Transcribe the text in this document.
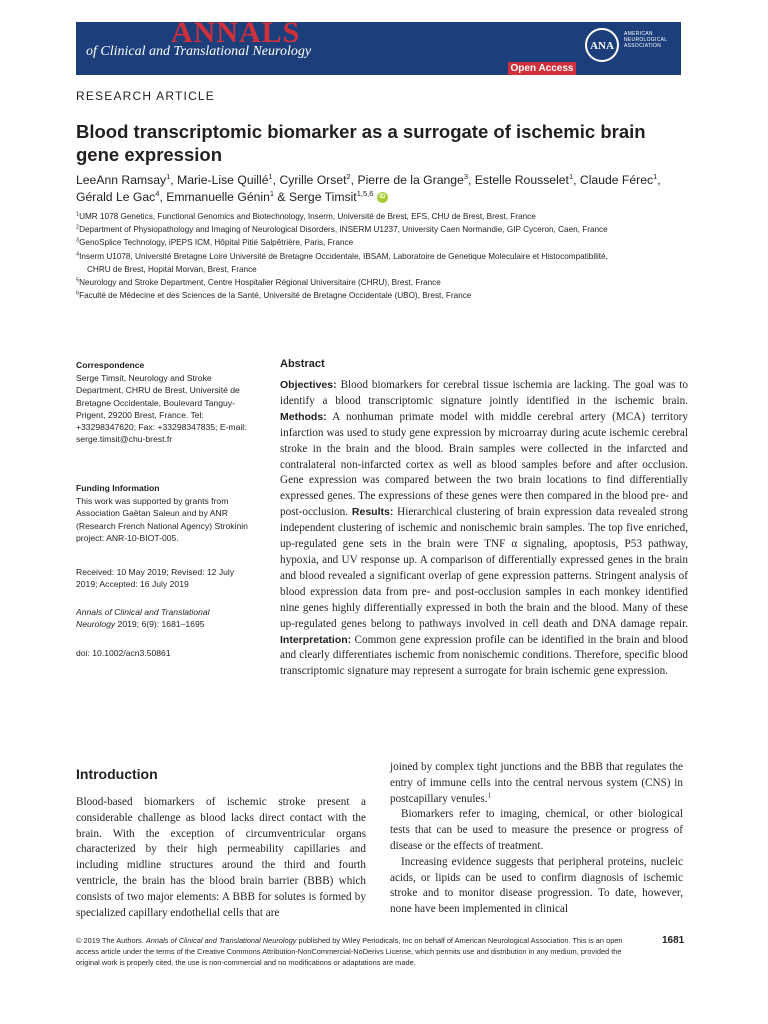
ANNALS
of Clinical and Translational Neurology	ANA
AMERICAN
NEUROLOGICAL
ASSOCIATION
Open Access
RESEARCH ARTICLE
Blood transcriptomic biomarker as a surrogate of ischemic brain gene expression
LeeAnn Ramsay$^1$, Marie-Lise Quillé$^1$, Cyrille Orset$^2$, Pierre de la Grange$^3$, Estelle Rousselet$^1$, Claude Férec$^1$, Gérald Le Gac$^4$, Emmanuelle Génin$^1$ & Serge Timsit$^{1,5,6}$ iD
$^1$UMR 1078 Genetics, Functional Genomics and Biotechnology, Inserm, Université de Brest, EFS, CHU de Brest, Brest, France
$^2$Department of Physiopathology and Imaging of Neurological Disorders, INSERM U1237, University Caen Normandie, GIP Cyceron, Caen, France
$^3$GenoSplice Technology, iPEPS ICM, Hôpital Pitié Salpêtrière, Paris, France
$^4$Inserm U1078, Université Bretagne Loire Université de Bretagne Occidentale, IBSAM, Laboratoire de Genetique Moleculaire et Histocompatibilité,
CHRU de Brest, Hopital Morvan, Brest, France
$^5$Neurology and Stroke Department, Centre Hospitalier Régional Universitaire (CHRU), Brest, France
$^6$Faculté de Médecine et des Sciences de la Santé, Université de Bretagne Occidentale (UBO), Brest, France
Correspondence
Serge Timsit, Neurology and Stroke
Department, CHRU de Brest, Université de
Bretagne Occidentale, Boulevard Tanguy-
Prigent, 29200 Brest, France. Tel:
+33298347620; Fax: +33298347835; E-mail:
serge.timsit@chu-brest.fr
Funding Information
This work was supported by grants from
Association Gaëtan Saleun and by ANR
(Research French National Agency) Strokinin
project: ANR-10-BIOT-005.
Received: 10 May 2019; Revised: 12 July
2019; Accepted: 16 July 2019
Annals of Clinical and Translational
Neurology 2019; 6(9): 1681–1695
doi: 10.1002/acn3.50861
Abstract
Objectives: Blood biomarkers for cerebral tissue ischemia are lacking. The goal was to identify a blood transcriptomic signature jointly identified in the ischemic brain. Methods: A nonhuman primate model with middle cerebral artery (MCA) territory infarction was used to study gene expression by microarray during acute ischemic cerebral stroke in the brain and the blood. Brain samples were collected in the infarcted and contralateral non-infarcted cortex as well as blood samples before and after occlusion. Gene expression was compared between the two brain locations to find differentially expressed genes. The expressions of these genes were then compared in the blood pre- and post-occlusion. Results: Hierarchical clustering of brain expression data revealed strong independent clustering of ischemic and nonischemic brain samples. The top five enriched, up-regulated gene sets in the brain were TNF α signaling, apoptosis, P53 pathway, hypoxia, and UV response up. A comparison of differentially expressed genes in the brain and blood revealed a significant overlap of gene expression patterns. Stringent analysis of blood expression data from pre- and post-occlusion samples in each monkey identified nine genes highly differentially expressed in both the brain and the blood. Many of these up-regulated genes belong to pathways involved in cell death and DNA damage repair. Interpretation: Common gene expression profile can be identified in the brain and blood and clearly differentiates ischemic from nonischemic conditions. Therefore, specific blood transcriptomic signature may represent a surrogate for brain ischemic gene expression.
Introduction

Blood-based biomarkers of ischemic stroke present a considerable challenge as blood lacks direct contact with the brain. With the exception of circumventricular organs characterized by their high permeability capillaries and including midline structures around the third and fourth ventricle, the brain has the blood brain barrier (BBB) which consists of two major elements: A BBB for solutes is formed by specialized capillary endothelial cells that are

joined by complex tight junctions and the BBB that regulates the entry of immune cells into the central nervous system (CNS) in postcapillary venules.$^1$

Biomarkers refer to imaging, chemical, or other biological tests that can be used to measure the presence or progress of disease or the effects of treatment.

Increasing evidence suggests that peripheral proteins, nucleic acids, or lipids can be used to confirm diagnosis of ischemic stroke and to monitor disease progression. To date, however, none have been implemented in clinical

© 2019 The Authors. Annals of Clinical and Translational Neurology published by Wiley Periodicals, Inc on behalf of American Neurological Association. This is an open access article under the terms of the Creative Commons Attribution-NonCommercial-NoDerivs License, which permits use and distribution in any medium, provided the original work is properly cited, the use is non-commercial and no modifications or adaptations are made.
1681
